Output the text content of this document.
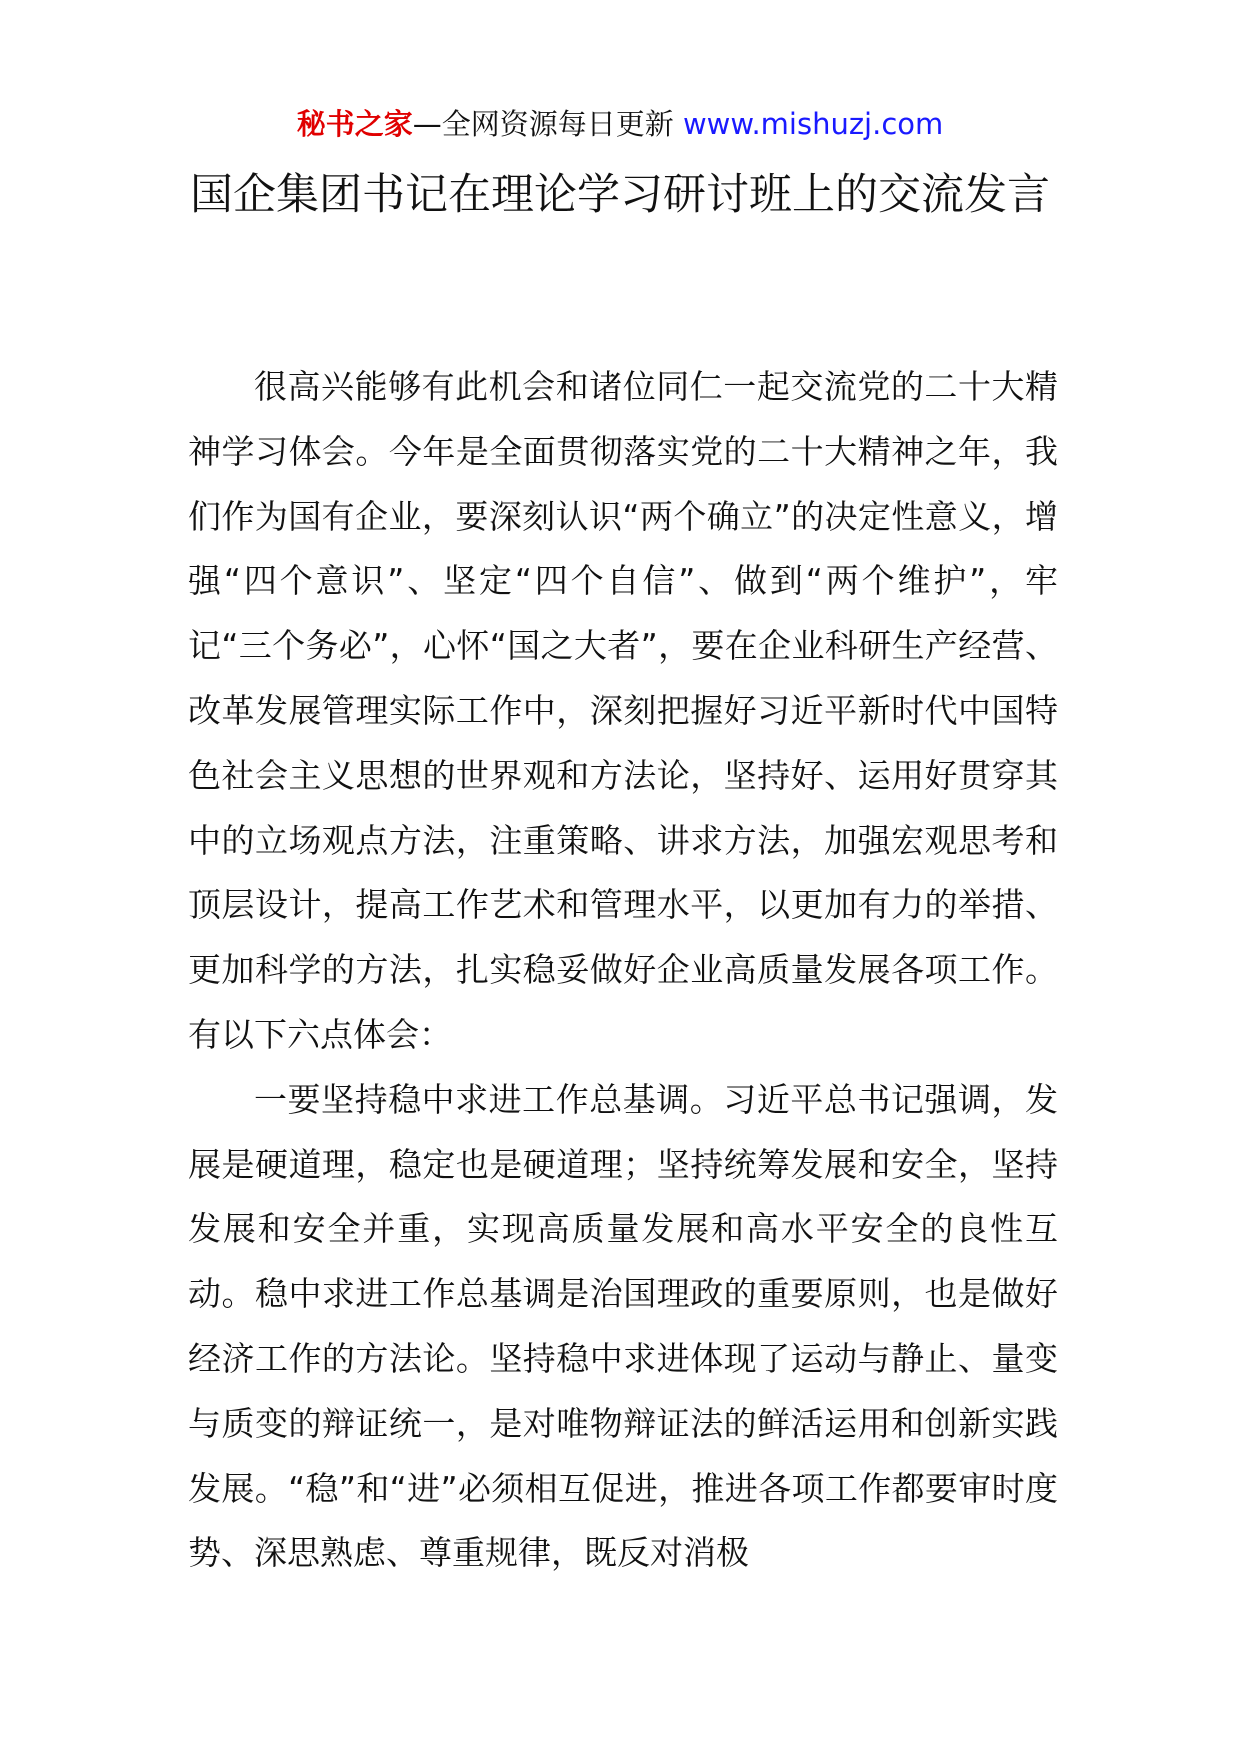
秘书之家—全网资源每日更新 www.mishuzj.com
国企集团书记在理论学习研讨班上的交流发言

很高兴能够有此机会和诸位同仁一起交流党的二十大精神学习体会。今年是全面贯彻落实党的二十大精神之年，我们作为国有企业，要深刻认识“两个确立”的决定性意义，增强“四个意识”、坚定“四个自信”、做到“两个维护”，牢记“三个务必”，心怀“国之大者”，要在企业科研生产经营、改革发展管理实际工作中，深刻把握好习近平新时代中国特色社会主义思想的世界观和方法论，坚持好、运用好贯穿其中的立场观点方法，注重策略、讲求方法，加强宏观思考和顶层设计，提高工作艺术和管理水平，以更加有力的举措、更加科学的方法，扎实稳妥做好企业高质量发展各项工作。有以下六点体会：

一要坚持稳中求进工作总基调。习近平总书记强调，发展是硬道理，稳定也是硬道理；坚持统筹发展和安全，坚持发展和安全并重，实现高质量发展和高水平安全的良性互动。稳中求进工作总基调是治国理政的重要原则，也是做好经济工作的方法论。坚持稳中求进体现了运动与静止、量变与质变的辩证统一，是对唯物辩证法的鲜活运用和创新实践发展。“稳”和“进”必须相互促进，推进各项工作都要审时度势、深思熟虑、尊重规律，既反对消极
